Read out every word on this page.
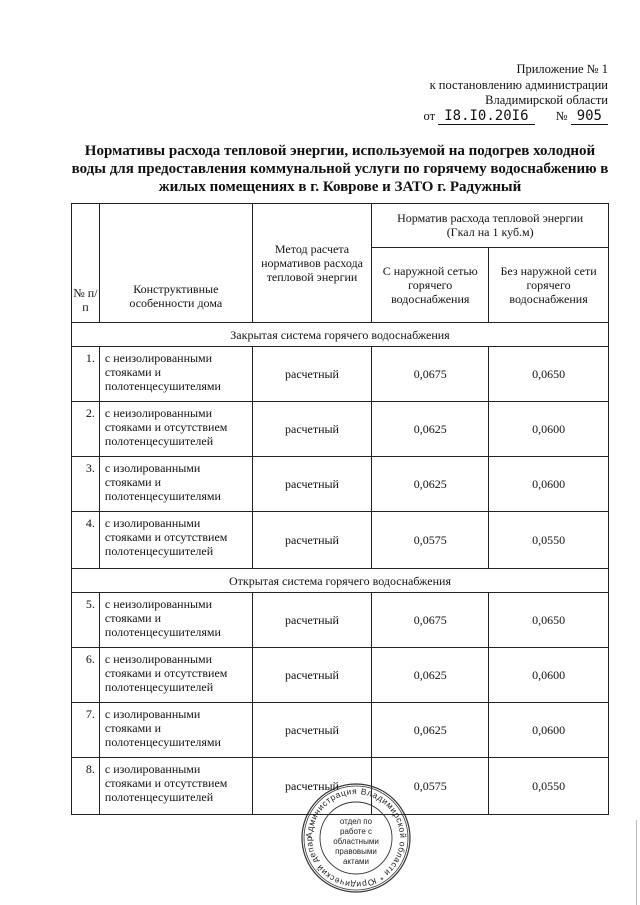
Приложение № 1
к постановлению администрации
Владимирской области
от I8.I0.20I6 № 905
Нормативы расхода тепловой энергии, используемой на подогрев холодной воды для предоставления коммунальной услуги по горячему водоснабжению в жилых помещениях в г. Коврове и ЗАТО г. Радужный
№ п/п	Конструктивные особенности дома	Метод расчета нормативов расхода тепловой энергии	Норматив расхода тепловой энергии (Гкал на 1 куб.м)	
			С наружной сетью горячего водоснабжения	Без наружной сети горячего водоснабжения
Закрытая система горячего водоснабжения				
1.	с неизолированными стояками и полотенцесушителями	расчетный	0,0675	0,0650
2.	с неизолированными стояками и отсутствием полотенцесушителей	расчетный	0,0625	0,0600
3.	с изолированными стояками и полотенцесушителями	расчетный	0,0625	0,0600
4.	с изолированными стояками и отсутствием полотенцесушителей	расчетный	0,0575	0,0550
Открытая система горячего водоснабжения				
5.	с неизолированными стояками и полотенцесушителями	расчетный	0,0675	0,0650
6.	с неизолированными стояками и отсутствием полотенцесушителей	расчетный	0,0625	0,0600
7.	с изолированными стояками и полотенцесушителями	расчетный	0,0625	0,0600
8.	с изолированными стояками и отсутствием полотенцесушителей	расчетный	0,0575	0,0550
Администрация Владимирской области * Юридический депар
отдел по работе с областными правовыми актами
